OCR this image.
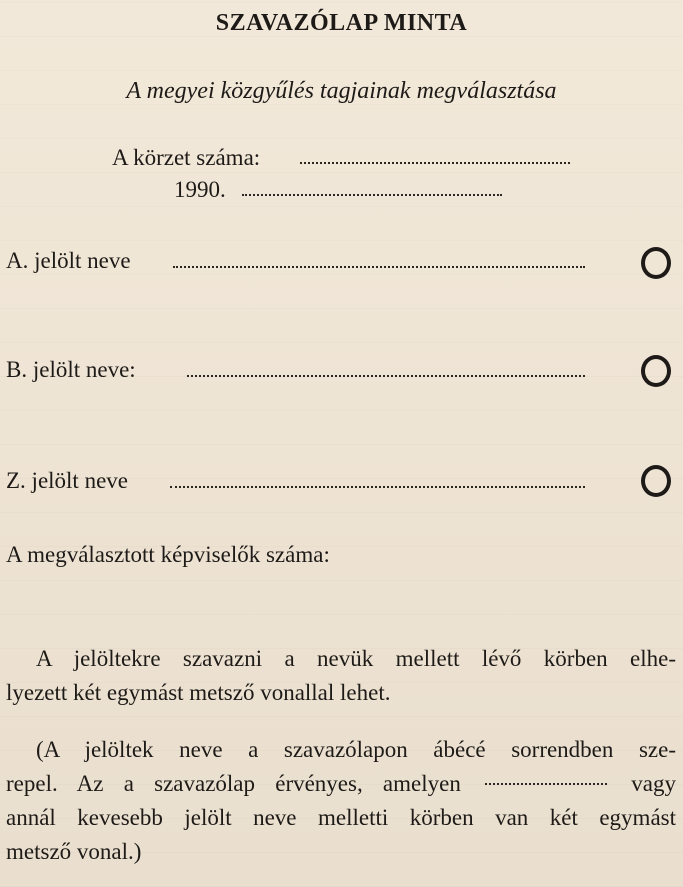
SZAVAZÓLAP MINTA
A megyei közgyűlés tagjainak megválasztása
A körzet száma:
1990.
A. jelölt neve
B. jelölt neve:
Z. jelölt neve
A megválasztott képviselők száma:
A jelöltekre szavazni a nevük mellett lévő körben elhe-
lyezett két egymást metsző vonallal lehet.
(A jelöltek neve a szavazólapon ábécé sorrendben sze-
repel. Az a szavazólap érvényes, amelyen	vagy
annál kevesebb jelölt neve melletti körben van két egymást
metsző vonal.)
